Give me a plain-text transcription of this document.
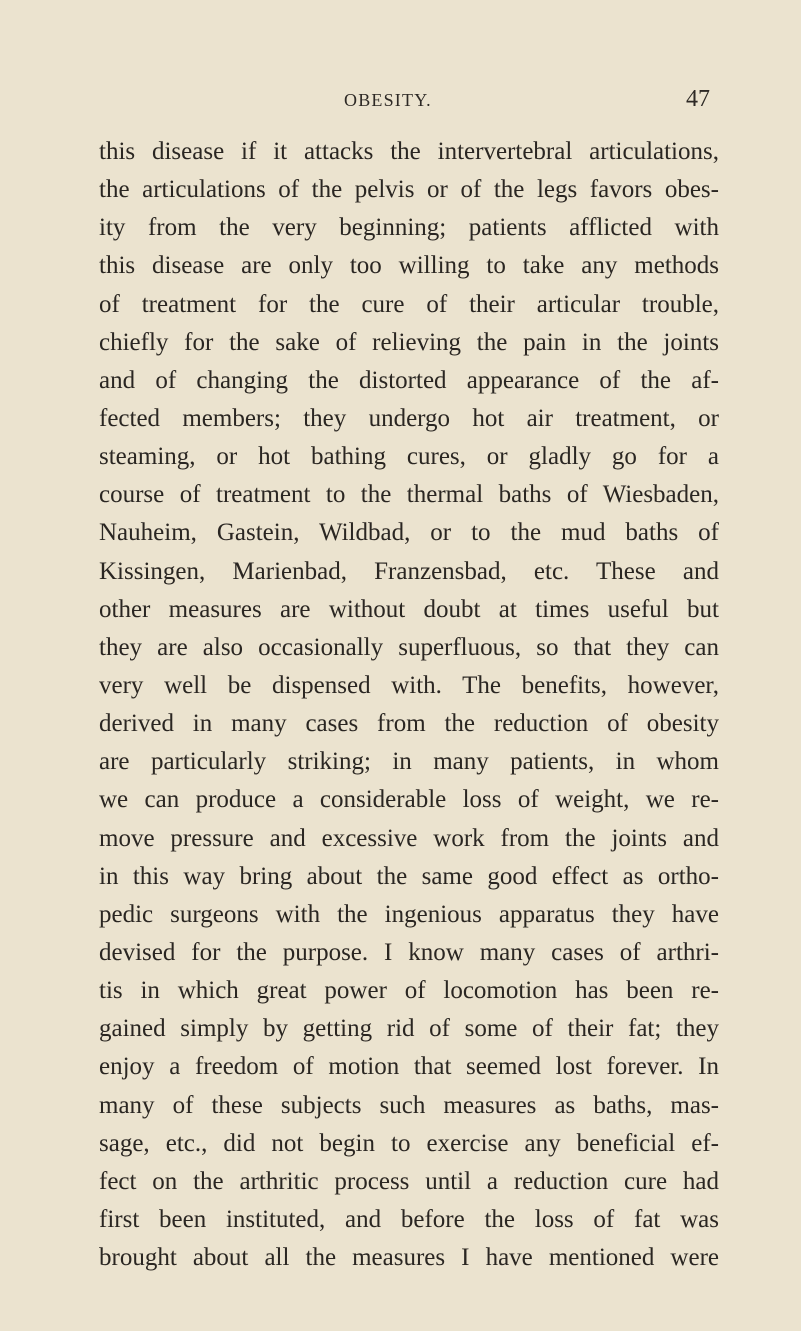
OBESITY.	47
this disease if it attacks the intervertebral articulations,
the articulations of the pelvis or of the legs favors obes-
ity from the very beginning; patients afflicted with
this disease are only too willing to take any methods
of treatment for the cure of their articular trouble,
chiefly for the sake of relieving the pain in the joints
and of changing the distorted appearance of the af-
fected members; they undergo hot air treatment, or
steaming, or hot bathing cures, or gladly go for a
course of treatment to the thermal baths of Wiesbaden,
Nauheim, Gastein, Wildbad, or to the mud baths of
Kissingen, Marienbad, Franzensbad, etc. These and
other measures are without doubt at times useful but
they are also occasionally superfluous, so that they can
very well be dispensed with. The benefits, however,
derived in many cases from the reduction of obesity
are particularly striking; in many patients, in whom
we can produce a considerable loss of weight, we re-
move pressure and excessive work from the joints and
in this way bring about the same good effect as ortho-
pedic surgeons with the ingenious apparatus they have
devised for the purpose. I know many cases of arthri-
tis in which great power of locomotion has been re-
gained simply by getting rid of some of their fat; they
enjoy a freedom of motion that seemed lost forever. In
many of these subjects such measures as baths, mas-
sage, etc., did not begin to exercise any beneficial ef-
fect on the arthritic process until a reduction cure had
first been instituted, and before the loss of fat was
brought about all the measures I have mentioned were
